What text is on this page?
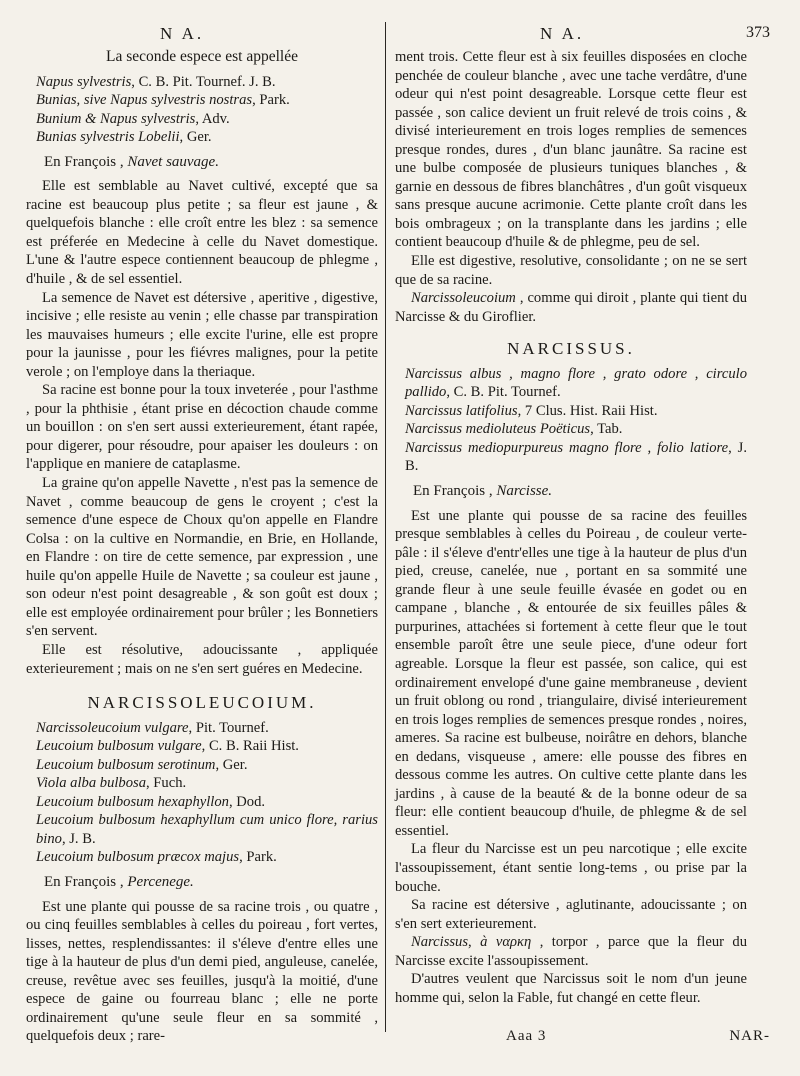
N A.	N A.	373

La seconde espece est appellée

Napus sylvestris, C. B. Pit. Tournef. J. B.

Bunias, sive Napus sylvestris nostras, Park.

Bunium & Napus sylvestris, Adv.

Bunias sylvestris Lobelii, Ger.

En François , Navet sauvage.

Elle est semblable au Navet cultivé, excepté que sa racine est beaucoup plus petite ; sa fleur est jaune , & quelquefois blanche : elle croît entre les blez : sa semence est préferée en Medecine à celle du Navet domestique. L'une & l'autre espece contiennent beaucoup de phlegme , d'huile , & de sel essentiel.

La semence de Navet est détersive , aperitive , digestive, incisive ; elle resiste au venin ; elle chasse par transpiration les mauvaises humeurs ; elle excite l'urine, elle est propre pour la jaunisse , pour les fiévres malignes, pour la petite verole ; on l'employe dans la theriaque.

Sa racine est bonne pour la toux inveterée , pour l'asthme , pour la phthisie , étant prise en décoction chaude comme un bouillon : on s'en sert aussi exterieurement, étant rapée, pour digerer, pour résoudre, pour apaiser les douleurs : on l'applique en maniere de cataplasme.

La graine qu'on appelle Navette , n'est pas la semence de Navet , comme beaucoup de gens le croyent ; c'est la semence d'une espece de Choux qu'on appelle en Flandre Colsa : on la cultive en Normandie, en Brie, en Hollande, en Flandre : on tire de cette semence, par expression , une huile qu'on appelle Huile de Navette ; sa couleur est jaune , son odeur n'est point desagreable , & son goût est doux ; elle est employée ordinairement pour brûler ; les Bonnetiers s'en servent.

Elle est résolutive, adoucissante , appliquée exterieurement ; mais on ne s'en sert guéres en Medecine.

NARCISSOLEUCOIUM.

Narcissoleucoium vulgare, Pit. Tournef.

Leucoium bulbosum vulgare, C. B. Raii Hist.

Leucoium bulbosum serotinum, Ger.

Viola alba bulbosa, Fuch.

Leucoium bulbosum hexaphyllon, Dod.

Leucoium bulbosum hexaphyllum cum unico flore, rarius bino, J. B.

Leucoium bulbosum præcox majus, Park.

En François , Percenege.

Est une plante qui pousse de sa racine trois , ou quatre , ou cinq feuilles semblables à celles du poireau , fort vertes, lisses, nettes, resplendissantes: il s'éleve d'entre elles une tige à la hauteur de plus d'un demi pied, anguleuse, canelée, creuse, revêtue avec ses feuilles, jusqu'à la moitié, d'une espece de gaine ou fourreau blanc ; elle ne porte ordinairement qu'une seule fleur en sa sommité , quelquefois deux ; rare-

ment trois. Cette fleur est à six feuilles disposées en cloche penchée de couleur blanche , avec une tache verdâtre, d'une odeur qui n'est point desagreable. Lorsque cette fleur est passée , son calice devient un fruit relevé de trois coins , & divisé interieurement en trois loges remplies de semences presque rondes, dures , d'un blanc jaunâtre. Sa racine est une bulbe composée de plusieurs tuniques blanches , & garnie en dessous de fibres blanchâtres , d'un goût visqueux sans presque aucune acrimonie. Cette plante croît dans les bois ombrageux ; on la transplante dans les jardins ; elle contient beaucoup d'huile & de phlegme, peu de sel.

Elle est digestive, resolutive, consolidante ; on ne se sert que de sa racine.

Narcissoleucoium , comme qui diroit , plante qui tient du Narcisse & du Giroflier.

NARCISSUS.

Narcissus albus , magno flore , grato odore , circulo pallido, C. B. Pit. Tournef.

Narcissus latifolius, 7 Clus. Hist. Raii Hist.

Narcissus medioluteus Poëticus, Tab.

Narcissus mediopurpureus magno flore , folio latiore, J. B.

En François , Narcisse.

Est une plante qui pousse de sa racine des feuilles presque semblables à celles du Poireau , de couleur verte-pâle : il s'éleve d'entr'elles une tige à la hauteur de plus d'un pied, creuse, canelée, nue , portant en sa sommité une grande fleur à une seule feuille évasée en godet ou en campane , blanche , & entourée de six feuilles pâles & purpurines, attachées si fortement à cette fleur que le tout ensemble paroît être une seule piece, d'une odeur fort agreable. Lorsque la fleur est passée, son calice, qui est ordinairement envelopé d'une gaine membraneuse , devient un fruit oblong ou rond , triangulaire, divisé interieurement en trois loges remplies de semences presque rondes , noires, ameres. Sa racine est bulbeuse, noirâtre en dehors, blanche en dedans, visqueuse , amere: elle pousse des fibres en dessous comme les autres. On cultive cette plante dans les jardins , à cause de la beauté & de la bonne odeur de sa fleur: elle contient beaucoup d'huile, de phlegme & de sel essentiel.

La fleur du Narcisse est un peu narcotique ; elle excite l'assoupissement, étant sentie long-tems , ou prise par la bouche.

Sa racine est détersive , aglutinante, adoucissante ; on s'en sert exterieurement.

Narcissus, à ναρκη , torpor , parce que la fleur du Narcisse excite l'assoupissement.

D'autres veulent que Narcissus soit le nom d'un jeune homme qui, selon la Fable, fut changé en cette fleur.

Aaa 3	NAR-
